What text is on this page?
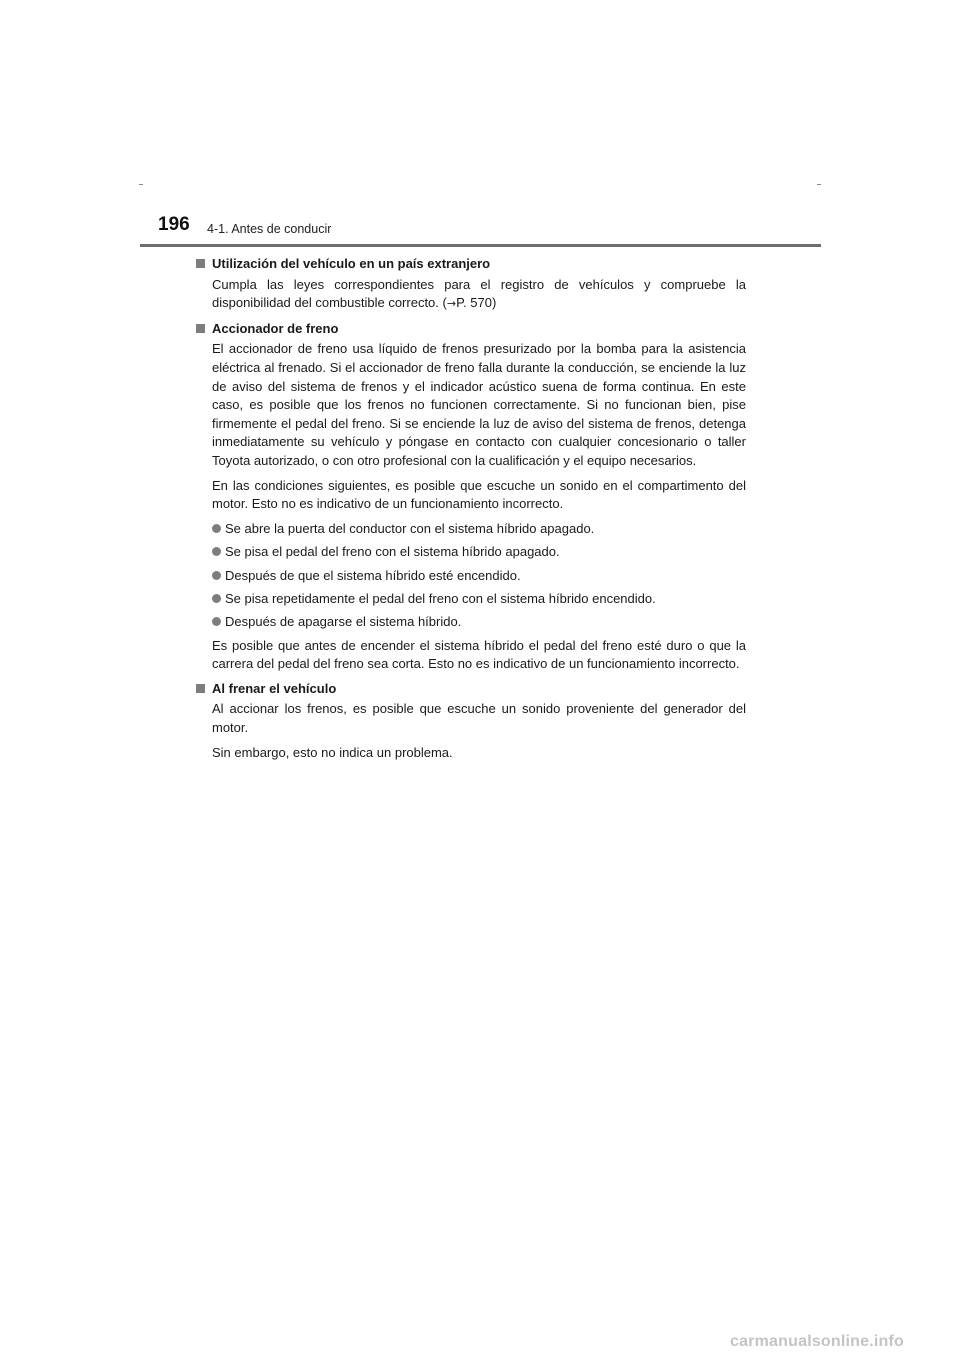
196 4-1. Antes de conducir
Utilización del vehículo en un país extranjero

Cumpla las leyes correspondientes para el registro de vehículos y compruebe la disponibilidad del combustible correcto. (→P. 570)

Accionador de freno

El accionador de freno usa líquido de frenos presurizado por la bomba para la asistencia eléctrica al frenado. Si el accionador de freno falla durante la conducción, se enciende la luz de aviso del sistema de frenos y el indicador acústico suena de forma continua. En este caso, es posible que los frenos no funcionen correctamente. Si no funcionan bien, pise firmemente el pedal del freno. Si se enciende la luz de aviso del sistema de frenos, detenga inmediatamente su vehículo y póngase en contacto con cualquier concesionario o taller Toyota autorizado, o con otro profesional con la cualificación y el equipo necesarios.

En las condiciones siguientes, es posible que escuche un sonido en el compartimento del motor. Esto no es indicativo de un funcionamiento incorrecto.

Se abre la puerta del conductor con el sistema híbrido apagado.
Se pisa el pedal del freno con el sistema híbrido apagado.
Después de que el sistema híbrido esté encendido.
Se pisa repetidamente el pedal del freno con el sistema híbrido encendido.
Después de apagarse el sistema híbrido.

Es posible que antes de encender el sistema híbrido el pedal del freno esté duro o que la carrera del pedal del freno sea corta. Esto no es indicativo de un funcionamiento incorrecto.

Al frenar el vehículo

Al accionar los frenos, es posible que escuche un sonido proveniente del generador del motor.

Sin embargo, esto no indica un problema.

carmanualsonline.info
